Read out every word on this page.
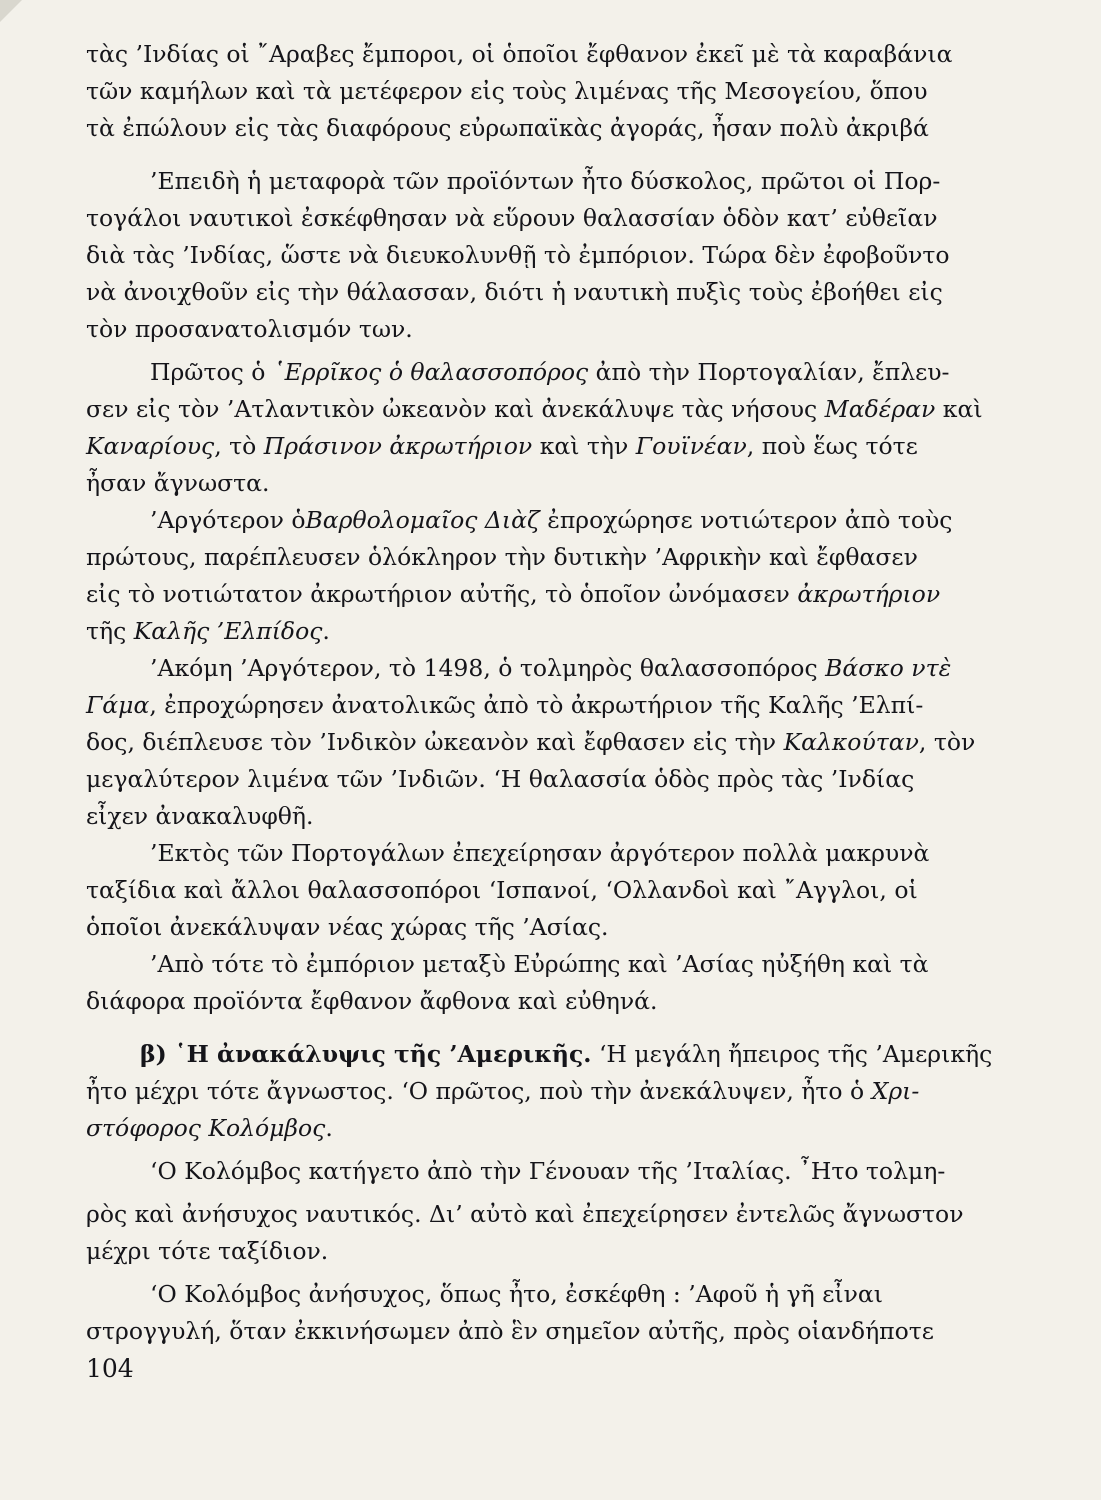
τὰς ’Ινδίας οἱ ῎Αραβες ἔμποροι, οἱ ὁποῖοι ἔφθανον ἐκεῖ μὲ τὰ καραβάνια
τῶν καμήλων καὶ τὰ μετέφερον εἰς τοὺς λιμένας τῆς Μεσογείου, ὅπου
τὰ ἐπώλουν εἰς τὰς διαφόρους εὐρωπαϊκὰς ἀγοράς, ἦσαν πολὺ ἀκριβά
’Επειδὴ ἡ μεταφορὰ τῶν προϊόντων ἦτο δύσκολος, πρῶτοι οἱ Πορ-
τογάλοι ναυτικοὶ ἐσκέφθησαν νὰ εὕρουν θαλασσίαν ὁδὸν κατ’ εὐθεῖαν
διὰ τὰς ’Ινδίας, ὥστε νὰ διευκολυνθῇ τὸ ἐμπόριον. Τώρα δὲν ἐφοβοῦντο
νὰ ἀνοιχθοῦν εἰς τὴν θάλασσαν, διότι ἡ ναυτικὴ πυξὶς τοὺς ἐβοήθει εἰς
τὸν προσανατολισμόν των.
Πρῶτος ὁ ῾Ερρῖκος ὁ θαλασσοπόρος ἀπὸ τὴν Πορτογαλίαν, ἔπλευ-
σεν εἰς τὸν ’Ατλαντικὸν ὠκεανὸν καὶ ἀνεκάλυψε τὰς νήσους Μαδέραν καὶ
Καναρίους, τὸ Πράσινον ἀκρωτήριον καὶ τὴν Γουϊνέαν, ποὺ ἕως τότε
ἦσαν ἄγνωστα.
’Αργότερον ὁΒαρθολομαῖος Διὰζ ἐπροχώρησε νοτιώτερον ἀπὸ τοὺς
πρώτους, παρέπλευσεν ὁλόκληρον τὴν δυτικὴν ’Αφρικὴν καὶ ἔφθασεν
εἰς τὸ νοτιώτατον ἀκρωτήριον αὐτῆς, τὸ ὁποῖον ὠνόμασεν ἀκρωτήριον
τῆς Καλῆς ’Ελπίδος.
’Ακόμη ’Αργότερον, τὸ 1498, ὁ τολμηρὸς θαλασσοπόρος Βάσκο ντὲ
Γάμα, ἐπροχώρησεν ἀνατολικῶς ἀπὸ τὸ ἀκρωτήριον τῆς Καλῆς ’Ελπί-
δος, διέπλευσε τὸν ’Ινδικὸν ὠκεανὸν καὶ ἔφθασεν εἰς τὴν Καλκούταν, τὸν
μεγαλύτερον λιμένα τῶν ’Ινδιῶν. ‘Η θαλασσία ὁδὸς πρὸς τὰς ’Ινδίας
εἶχεν ἀνακαλυφθῆ.
’Εκτὸς τῶν Πορτογάλων ἐπεχείρησαν ἀργότερον πολλὰ μακρυνὰ
ταξίδια καὶ ἄλλοι θαλασσοπόροι ‘Ισπανοί, ‘Ολλανδοὶ καὶ ῎Αγγλοι, οἱ
ὁποῖοι ἀνεκάλυψαν νέας χώρας τῆς ’Ασίας.
’Απὸ τότε τὸ ἐμπόριον μεταξὺ Εὐρώπης καὶ ’Ασίας ηὐξήθη καὶ τὰ
διάφορα προϊόντα ἔφθανον ἄφθονα καὶ εὐθηνά.
β) ῾Η ἀνακάλυψις τῆς ’Αμερικῆς. ‘Η μεγάλη ἤπειρος τῆς ’Αμερικῆς
ἦτο μέχρι τότε ἄγνωστος. ‘Ο πρῶτος, ποὺ τὴν ἀνεκάλυψεν, ἦτο ὁ Χρι-
στόφορος Κολόμβος.
‘Ο Κολόμβος κατήγετο ἀπὸ τὴν Γένουαν τῆς ’Ιταλίας. ῏Ητο τολμη-
ρὸς καὶ ἀνήσυχος ναυτικός. Δι’ αὐτὸ καὶ ἐπεχείρησεν ἐντελῶς ἄγνωστον
μέχρι τότε ταξίδιον.
‘Ο Κολόμβος ἀνήσυχος, ὅπως ἦτο, ἐσκέφθη : ’Αφοῦ ἡ γῆ εἶναι
στρογγυλή, ὅταν ἐκκινήσωμεν ἀπὸ ἓν σημεῖον αὐτῆς, πρὸς οἱανδήποτε
104
